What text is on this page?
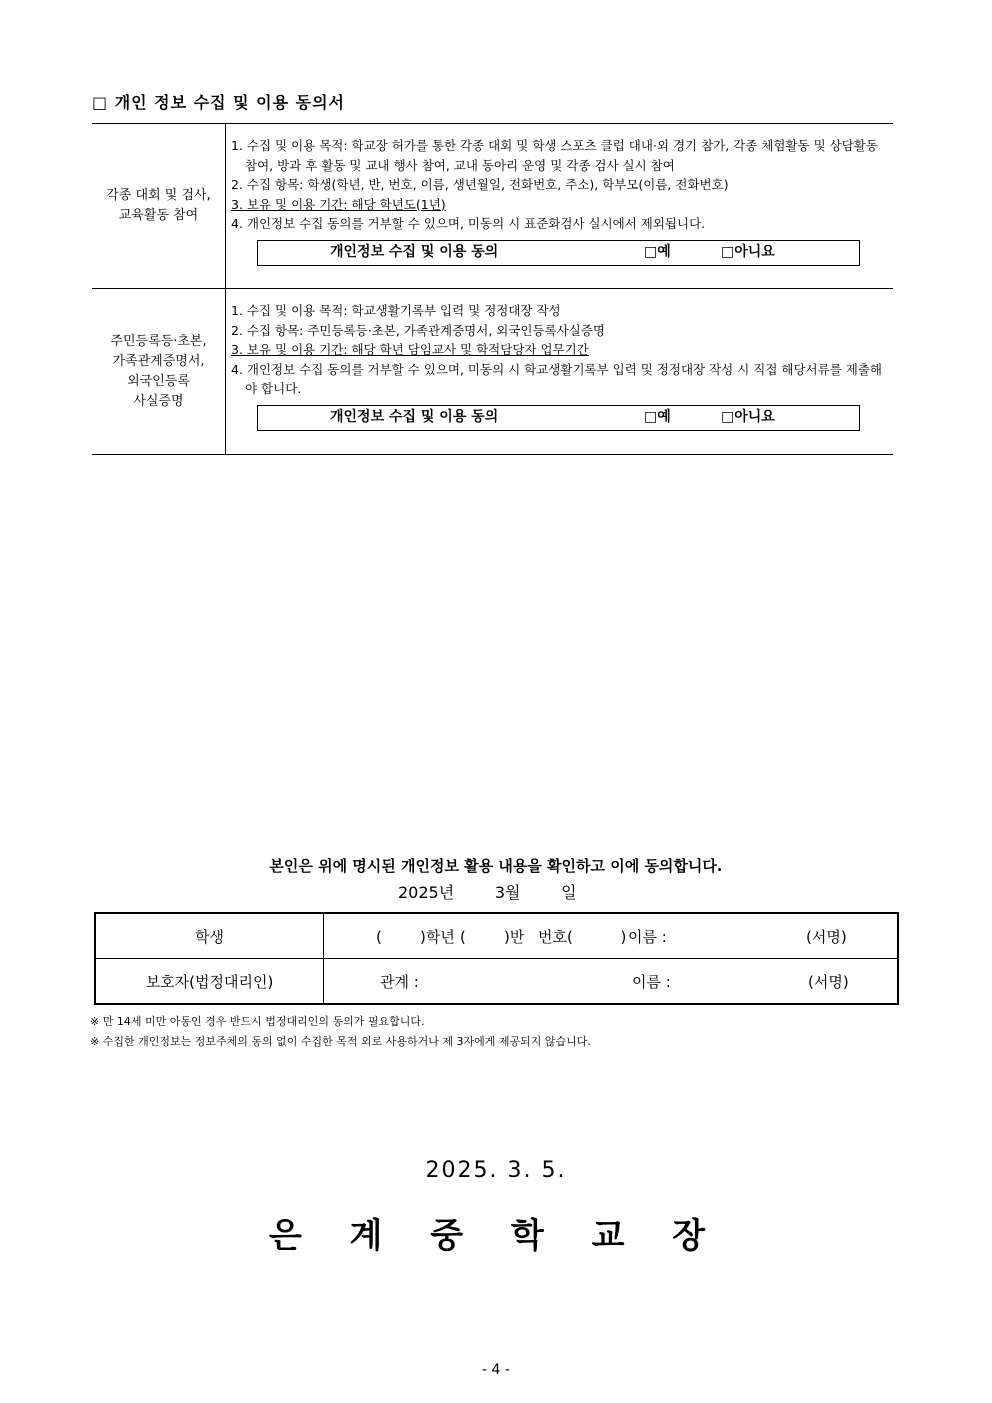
□ 개인 정보 수집 및 이용 동의서
각종 대회 및 검사,
교육활동 참여
1. 수집 및 이용 목적: 학교장 허가를 통한 각종 대회 및 학생 스포츠 클럽 대내·외 경기 참가, 각종 체험활동 및 상담활동 참여, 방과 후 활동 및 교내 행사 참여, 교내 동아리 운영 및 각종 검사 실시 참여
2. 수집 항목: 학생(학년, 반, 번호, 이름, 생년월일, 전화번호, 주소), 학부모(이름, 전화번호)
3. 보유 및 이용 기간: 해당 학년도(1년)
4. 개인정보 수집 동의를 거부할 수 있으며, 미동의 시 표준화검사 실시에서 제외됩니다.
개인정보 수집 및 이용 동의	□예	□아니요
주민등록등·초본,
가족관계증명서,
외국인등록
사실증명
1. 수집 및 이용 목적: 학교생활기록부 입력 및 정정대장 작성
2. 수집 항목: 주민등록등·초본, 가족관계증명서, 외국인등록사실증명
3. 보유 및 이용 기간: 해당 학년 담임교사 및 학적담당자 업무기간
4. 개인정보 수집 동의를 거부할 수 있으며, 미동의 시 학교생활기록부 입력 및 정정대장 작성 시 직접 해당서류를 제출해야 합니다.
개인정보 수집 및 이용 동의	□예	□아니요
본인은 위에 명시된 개인정보 활용 내용을 확인하고 이에 동의합니다.
2025년        3월        일
학생	(        )학년 (        )반 번호(          ) 이름 :	(서명)
보호자(법정대리인)	관계 :	이름 :	(서명)
※ 만 14세 미만 아동인 경우 반드시 법정대리인의 동의가 필요합니다.
※ 수집한 개인정보는 정보주체의 동의 없이 수집한 목적 외로 사용하거나 제 3자에게 제공되지 않습니다.
2025. 3. 5.
은 계 중 학 교 장
- 4 -
